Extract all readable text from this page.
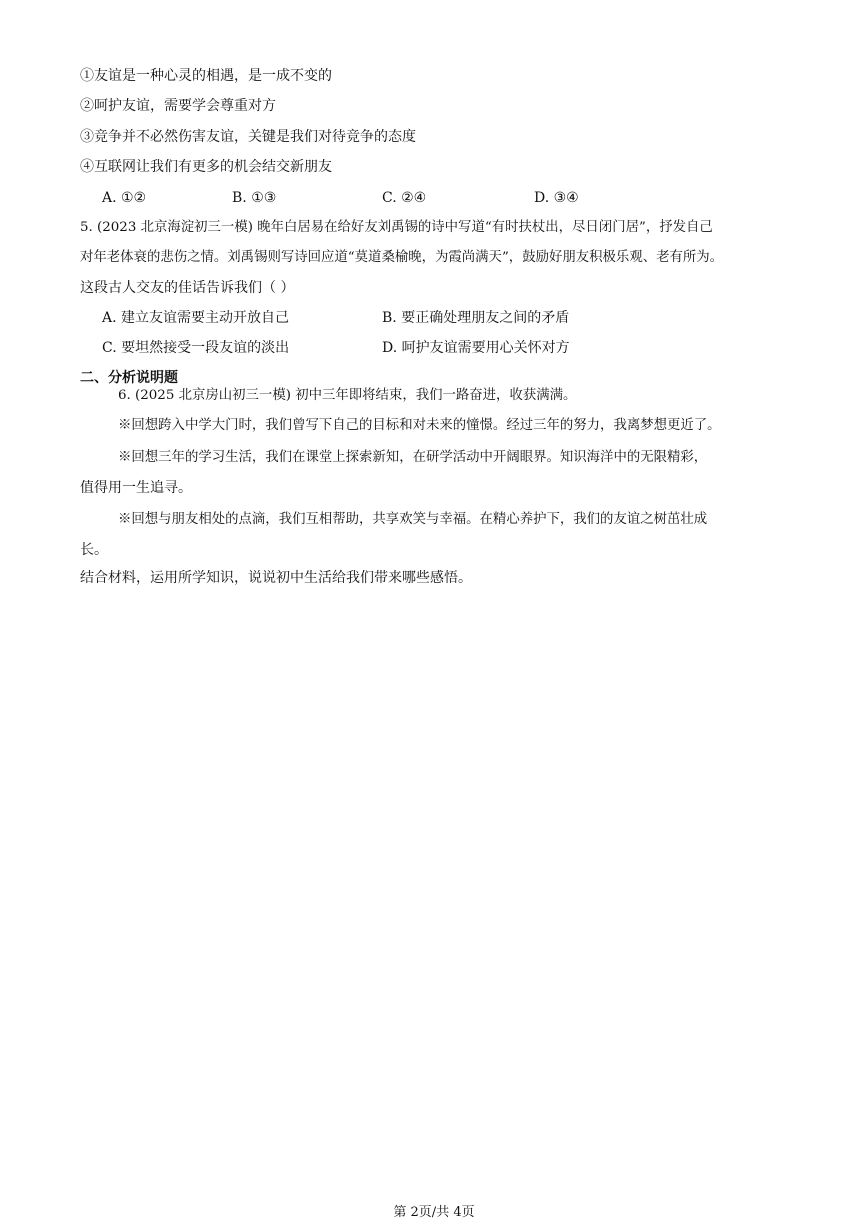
①友谊是一种心灵的相遇，是一成不变的
②呵护友谊，需要学会尊重对方
③竞争并不必然伤害友谊，关键是我们对待竞争的态度
④互联网让我们有更多的机会结交新朋友
A. ①②	B. ①③	C. ②④	D. ③④
5. (2023 北京海淀初三一模) 晚年白居易在给好友刘禹锡的诗中写道“有时扶杖出，尽日闭门居”，抒发自己
对年老体衰的悲伤之情。刘禹锡则写诗回应道“莫道桑榆晚，为霞尚满天”，鼓励好朋友积极乐观、老有所为。
这段古人交友的佳话告诉我们（ ）
A. 建立友谊需要主动开放自己	B. 要正确处理朋友之间的矛盾
C. 要坦然接受一段友谊的淡出	D. 呵护友谊需要用心关怀对方
二、分析说明题
6. (2025 北京房山初三一模) 初中三年即将结束，我们一路奋进，收获满满。
※回想跨入中学大门时，我们曾写下自己的目标和对未来的憧憬。经过三年的努力，我离梦想更近了。
※回想三年的学习生活，我们在课堂上探索新知，在研学活动中开阔眼界。知识海洋中的无限精彩，
值得用一生追寻。
※回想与朋友相处的点滴，我们互相帮助，共享欢笑与幸福。在精心养护下，我们的友谊之树茁壮成
长。
结合材料，运用所学知识，说说初中生活给我们带来哪些感悟。
第 2页/共 4页
